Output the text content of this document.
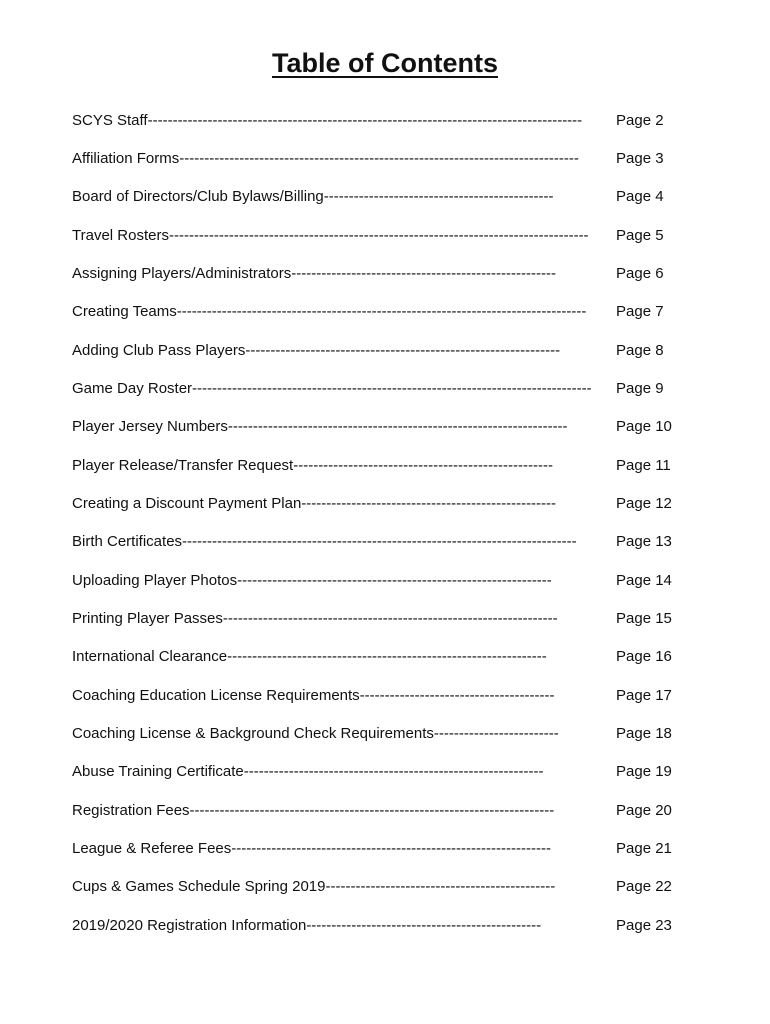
Table of Contents
SCYS Staff---------------------------------------------------------------------------------------	Page 2
Affiliation Forms--------------------------------------------------------------------------------	Page 3
Board of Directors/Club Bylaws/Billing----------------------------------------------	Page 4
Travel Rosters------------------------------------------------------------------------------------	Page 5
Assigning Players/Administrators-----------------------------------------------------	Page 6
Creating Teams----------------------------------------------------------------------------------	Page 7
Adding Club Pass Players---------------------------------------------------------------	Page 8
Game Day Roster--------------------------------------------------------------------------------	Page 9
Player Jersey Numbers--------------------------------------------------------------------	Page 10
Player Release/Transfer Request----------------------------------------------------	Page 11
Creating a Discount Payment Plan---------------------------------------------------	Page 12
Birth Certificates-------------------------------------------------------------------------------	Page 13
Uploading Player Photos---------------------------------------------------------------	Page 14
Printing Player Passes-------------------------------------------------------------------	Page 15
International Clearance----------------------------------------------------------------	Page 16
Coaching Education License Requirements---------------------------------------	Page 17
Coaching License & Background Check Requirements-------------------------	Page 18
Abuse Training Certificate------------------------------------------------------------	Page 19
Registration Fees-------------------------------------------------------------------------	Page 20
League & Referee Fees----------------------------------------------------------------	Page 21
Cups & Games Schedule Spring 2019----------------------------------------------	Page 22
2019/2020 Registration Information-----------------------------------------------	Page 23
